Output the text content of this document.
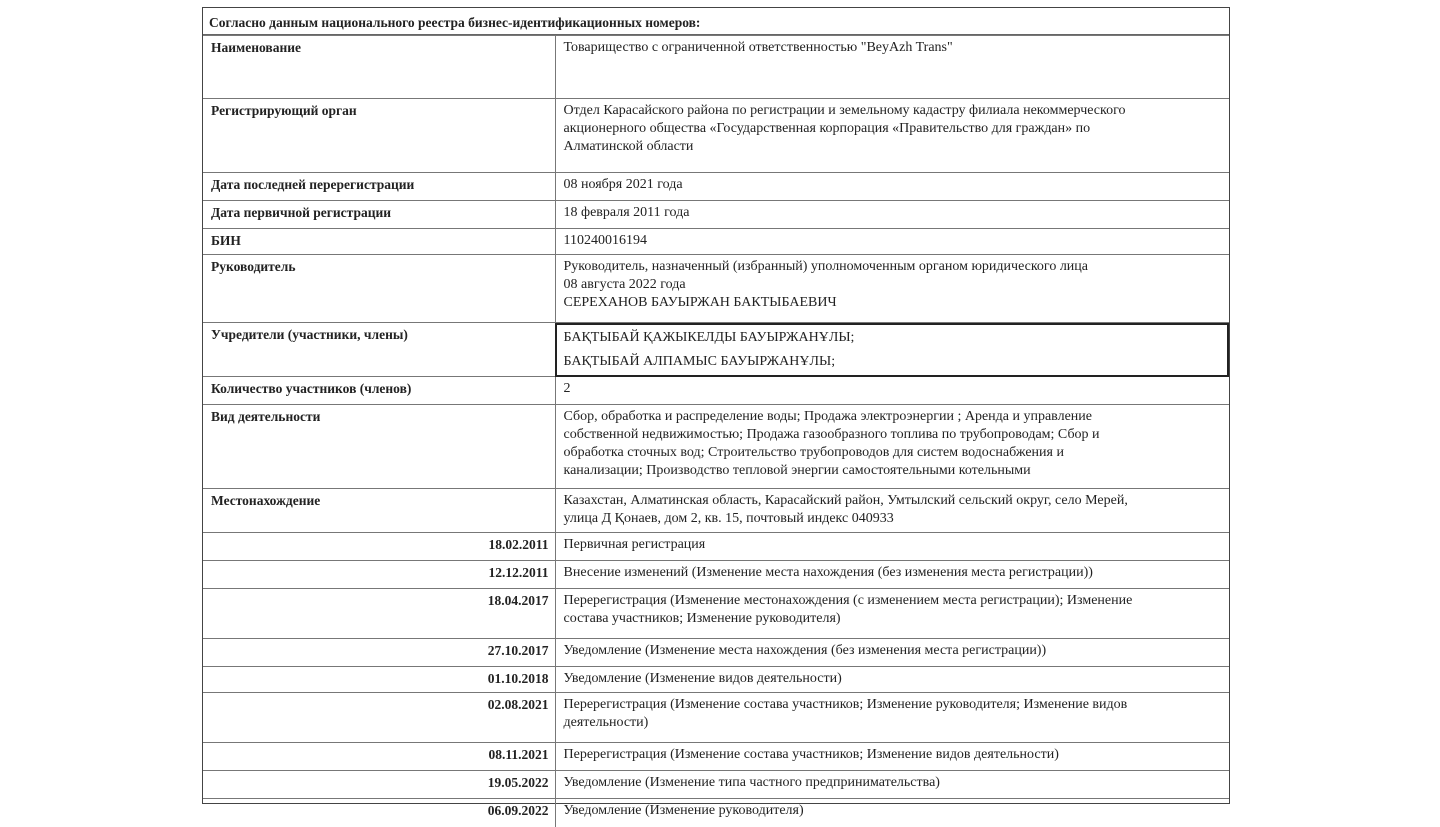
Согласно данным национального реестра бизнес-идентификационных номеров:
Наименование	Товарищество с ограниченной ответственностью "BeyAzh Trans"

Регистрирующий орган	Отдел Карасайского района по регистрации и земельному кадастру филиала некоммерческого
акционерного общества «Государственная корпорация «Правительство для граждан» по
Алматинской области

Дата последней перерегистрации	08 ноября 2021 года

Дата первичной регистрации	18 февраля 2011 года

БИН	110240016194

Руководитель	Руководитель, назначенный (избранный) уполномоченным органом юридического лица
08 августа 2022 года
СЕРЕХАНОВ БАУЫРЖАН БАКТЫБАЕВИЧ

Учредители (участники, члены)	БАҚТЫБАЙ ҚАЖЫКЕЛДЫ БАУЫРЖАНҰЛЫ;
БАҚТЫБАЙ АЛПАМЫС БАУЫРЖАНҰЛЫ;

Количество участников (членов)	2

Вид деятельности	Сбор, обработка и распределение воды; Продажа электроэнергии ; Аренда и управление
собственной недвижимостью; Продажа газообразного топлива по трубопроводам; Сбор и
обработка сточных вод; Строительство трубопроводов для систем водоснабжения и
канализации; Производство тепловой энергии самостоятельными котельными

Местонахождение	Казахстан, Алматинская область, Карасайский район, Умтылский сельский округ, село Мерей,
улица Д Қонаев, дом 2, кв. 15, почтовый индекс 040933

18.02.2011	Первичная регистрация

12.12.2011	Внесение изменений (Изменение места нахождения (без изменения места регистрации))

18.04.2017	Перерегистрация (Изменение местонахождения (с изменением места регистрации); Изменение
состава участников; Изменение руководителя)

27.10.2017	Уведомление (Изменение места нахождения (без изменения места регистрации))

01.10.2018	Уведомление (Изменение видов деятельности)

02.08.2021	Перерегистрация (Изменение состава участников; Изменение руководителя; Изменение видов
деятельности)

08.11.2021	Перерегистрация (Изменение состава участников; Изменение видов деятельности)

19.05.2022	Уведомление (Изменение типа частного предпринимательства)

06.09.2022	Уведомление (Изменение руководителя)
